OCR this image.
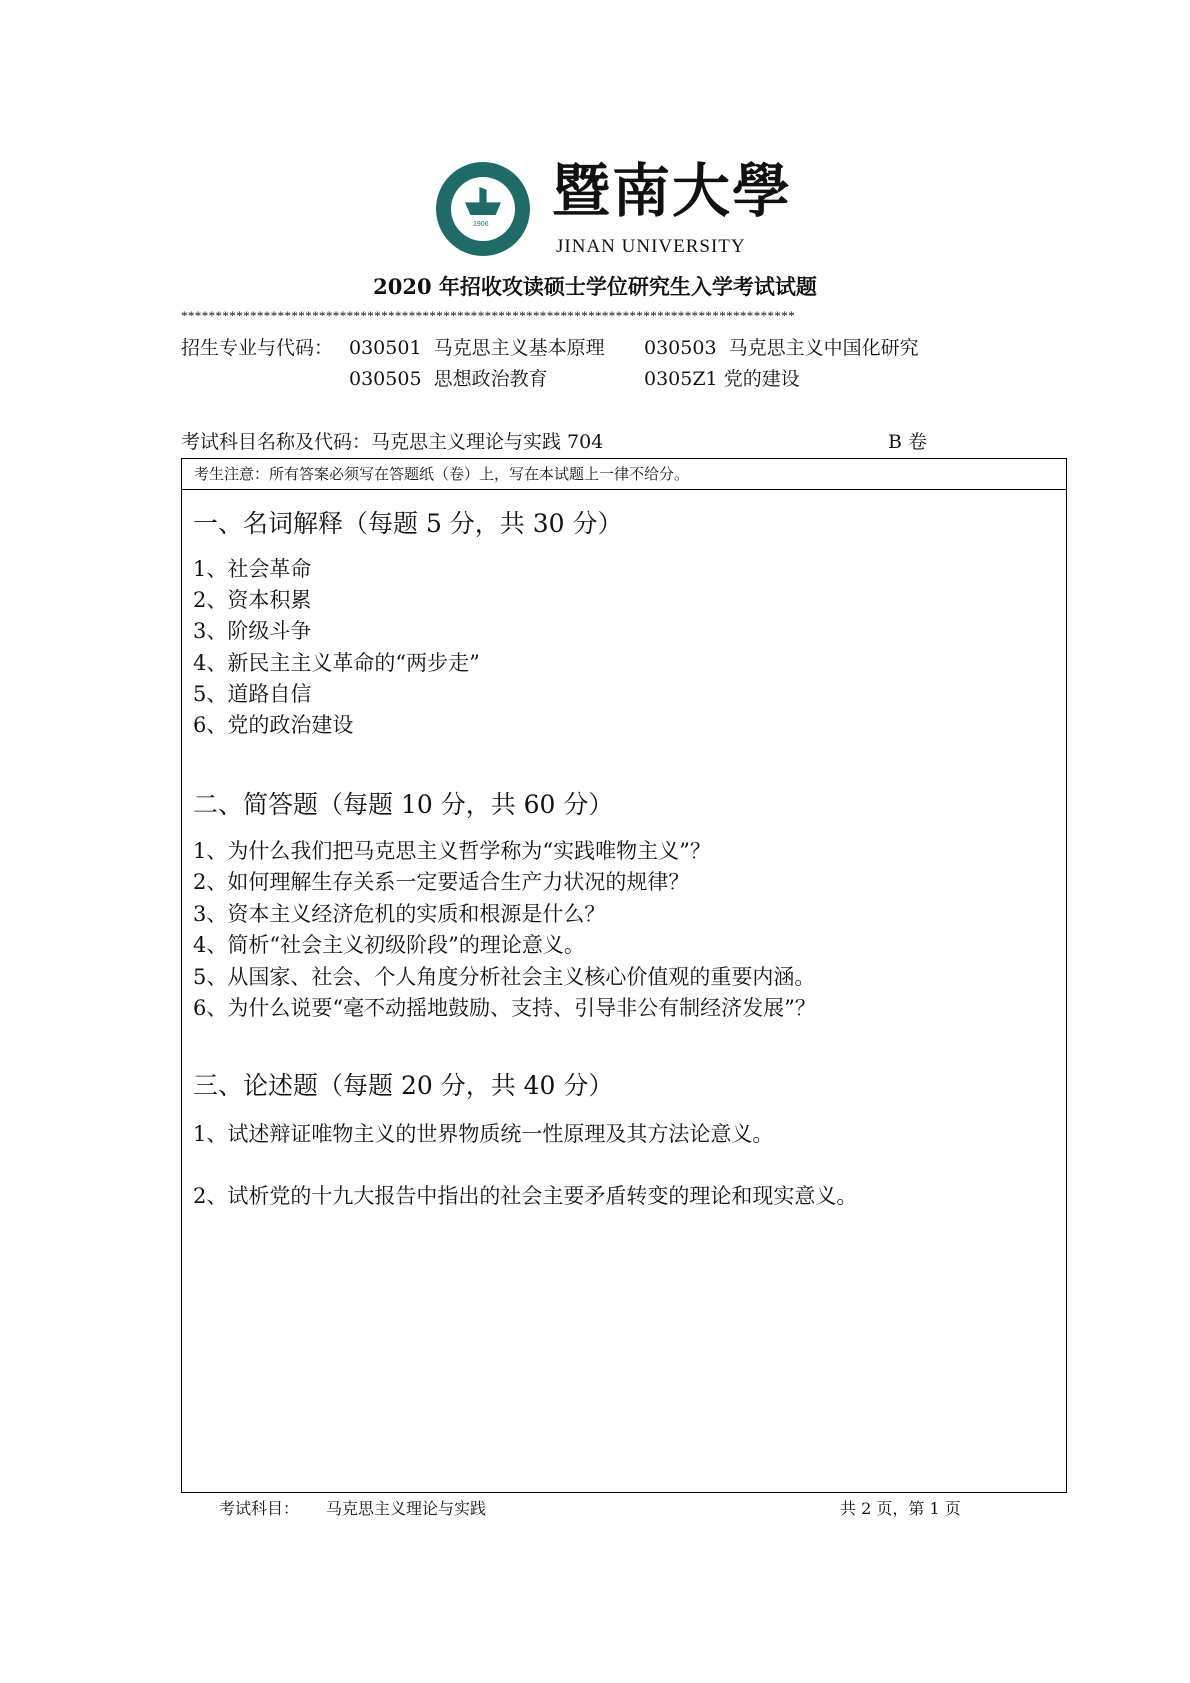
1906 暨南大學
JINAN UNIVERSITY
2020 年招收攻读硕士学位研究生入学考试试题
*****************************************************************************************
招生专业与代码： 030501 马克思主义基本原理 030503 马克思主义中国化研究
030505 思想政治教育	0305Z1 党的建设
考试科目名称及代码：马克思主义理论与实践 704	B 卷
考生注意：所有答案必须写在答题纸（卷）上，写在本试题上一律不给分。
一、名词解释（每题 5 分，共 30 分）
1、社会革命
2、资本积累
3、阶级斗争
4、新民主主义革命的“两步走”
5、道路自信
6、党的政治建设
二、简答题（每题 10 分，共 60 分）
1、为什么我们把马克思主义哲学称为“实践唯物主义”？
2、如何理解生存关系一定要适合生产力状况的规律？
3、资本主义经济危机的实质和根源是什么？
4、简析“社会主义初级阶段”的理论意义。
5、从国家、社会、个人角度分析社会主义核心价值观的重要内涵。
6、为什么说要“毫不动摇地鼓励、支持、引导非公有制经济发展”？
三、论述题（每题 20 分，共 40 分）
1、试述辩证唯物主义的世界物质统一性原理及其方法论意义。
2、试析党的十九大报告中指出的社会主要矛盾转变的理论和现实意义。
考试科目： 马克思主义理论与实践	共 2 页，第 1 页
